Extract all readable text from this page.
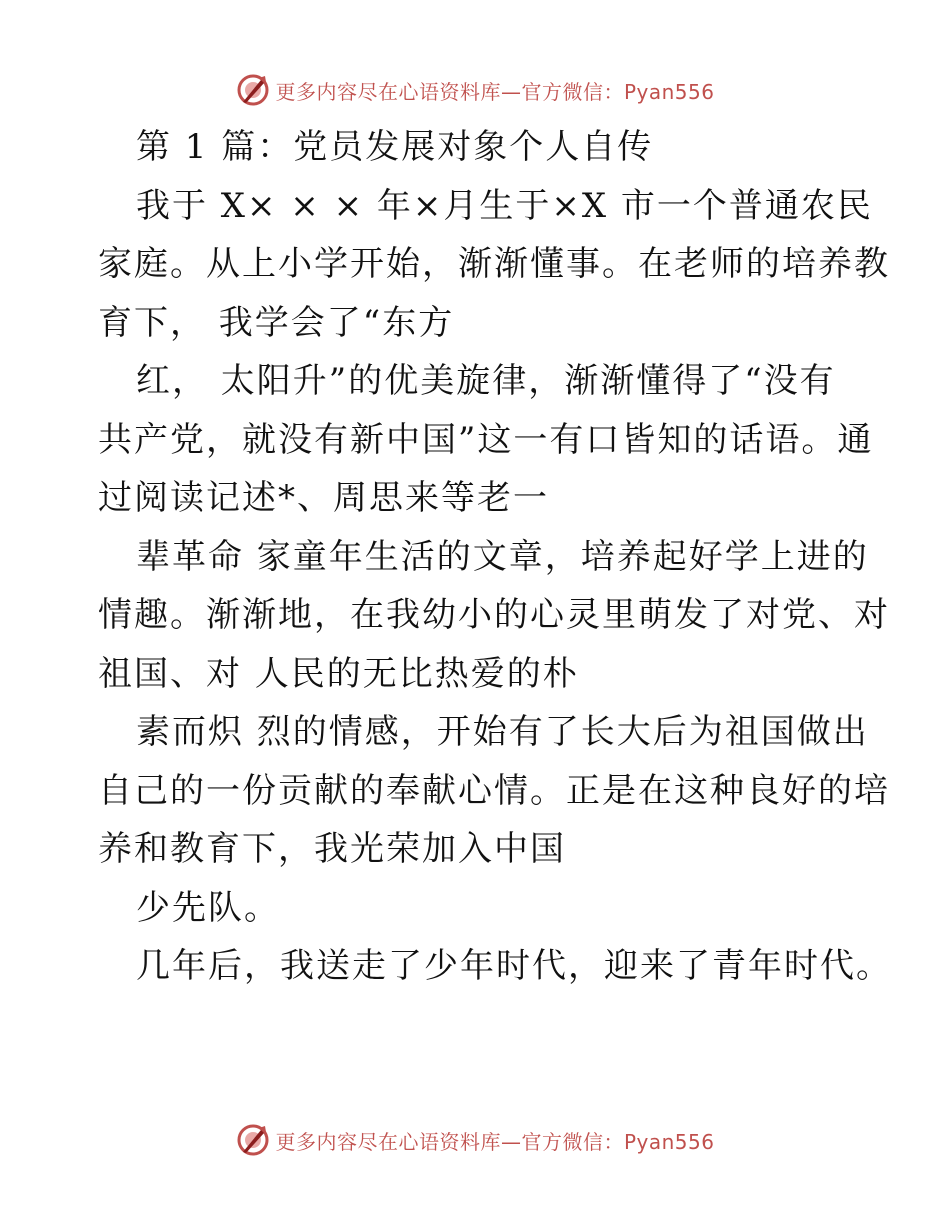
更多内容尽在心语资料库—官方微信：Pyan556
第 1 篇：党员发展对象个人自传
我于 X× × × 年×月生于×X 市一个普通农民
家庭。从上小学开始，渐渐懂事。在老师的培养教
育下， 我学会了“东方
红， 太阳升”的优美旋律，渐渐懂得了“没有
共产党，就没有新中国”这一有口皆知的话语。通
过阅读记述*、周思来等老一
辈革命 家童年生活的文章，培养起好学上进的
情趣。渐渐地，在我幼小的心灵里萌发了对党、对
祖国、对 人民的无比热爱的朴
素而炽 烈的情感，开始有了长大后为祖国做出
自己的一份贡献的奉献心情。正是在这种良好的培
养和教育下，我光荣加入中国
少先队。
几年后，我送走了少年时代，迎来了青年时代。
更多内容尽在心语资料库—官方微信：Pyan556
